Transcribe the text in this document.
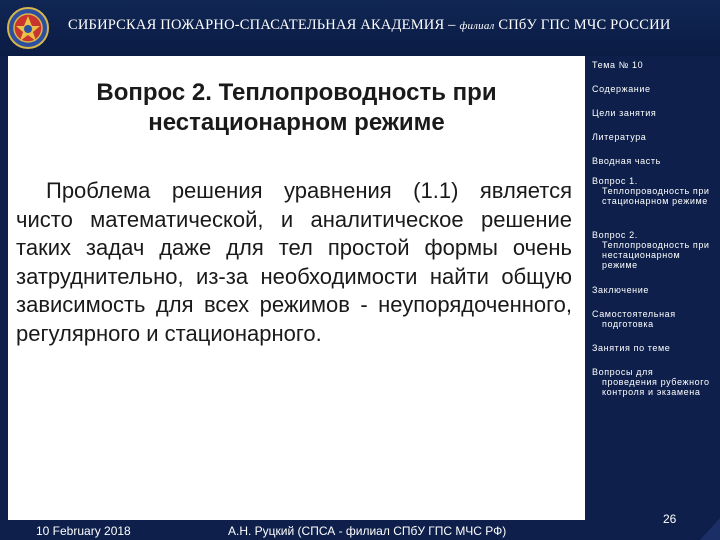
СИБИРСКАЯ ПОЖАРНО-СПАСАТЕЛЬНАЯ АКАДЕМИЯ – филиал СПбУ ГПС МЧС РОССИИ
Вопрос 2. Теплопроводность при нестационарном режиме

Проблема решения уравнения (1.1) является чисто математической, и аналитическое решение таких задач даже для тел простой формы очень затруднительно, из-за необходимости найти общую зависимость для всех режимов - неупорядоченного, регулярного и стационарного.

Тема № 10
Содержание
Цели занятия
Литература
Вводная часть
Вопрос 1.
Теплопроводность при стационарном режиме
Вопрос 2.
Теплопроводность при нестационарном режиме
Заключение
Самостоятельная
подготовка
Занятия по теме
Вопросы для
проведения рубежного контроля и экзамена
10 February 2018	А.Н. Руцкий (СПСА - филиал СПбУ ГПС МЧС РФ)
26
